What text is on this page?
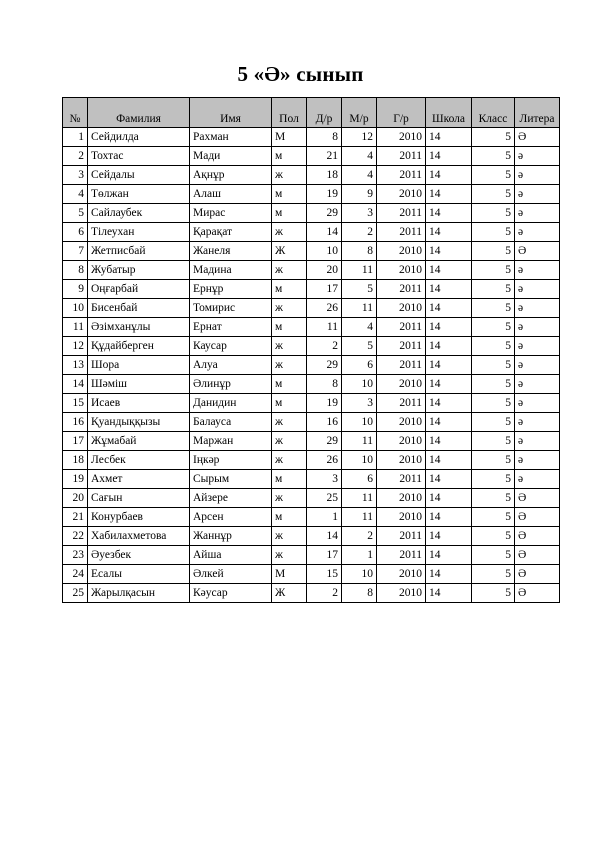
5 «Ә» сынып
№	Фамилия	Имя	Пол	Д/р	М/р	Г/р	Школа	Класс	Литера
1	Сейдилда	Рахман	М	8	12	2010	14	5	Ә
2	Тохтас	Мади	м	21	4	2011	14	5	ә
3	Сейдалы	Ақнұр	ж	18	4	2011	14	5	ә
4	Төлжан	Алаш	м	19	9	2010	14	5	ә
5	Сайлаубек	Мирас	м	29	3	2011	14	5	ә
6	Тілеухан	Қарақат	ж	14	2	2011	14	5	ә
7	Жетписбай	Жанеля	Ж	10	8	2010	14	5	Ә
8	Жубатыр	Мадина	ж	20	11	2010	14	5	ә
9	Оңғарбай	Ернұр	м	17	5	2011	14	5	ә
10	Бисенбай	Томирис	ж	26	11	2010	14	5	ә
11	Әзімханұлы	Ернат	м	11	4	2011	14	5	ә
12	Құдайберген	Каусар	ж	2	5	2011	14	5	ә
13	Шора	Алуа	ж	29	6	2011	14	5	ә
14	Шәміш	Әлинұр	м	8	10	2010	14	5	ә
15	Исаев	Данидин	м	19	3	2011	14	5	ә
16	Қуандыққызы	Балауса	ж	16	10	2010	14	5	ә
17	Жұмабай	Маржан	ж	29	11	2010	14	5	ә
18	Лесбек	Іңкәр	ж	26	10	2010	14	5	ә
19	Ахмет	Сырым	м	3	6	2011	14	5	ә
20	Сағын	Айзере	ж	25	11	2010	14	5	Ә
21	Конурбаев	Арсен	м	1	11	2010	14	5	Ә
22	Хабилахметова	Жаннұр	ж	14	2	2011	14	5	Ә
23	Әуезбек	Айша	ж	17	1	2011	14	5	Ә
24	Есалы	Әлкей	М	15	10	2010	14	5	Ә
25	Жарылқасын	Кәусар	Ж	2	8	2010	14	5	Ә
